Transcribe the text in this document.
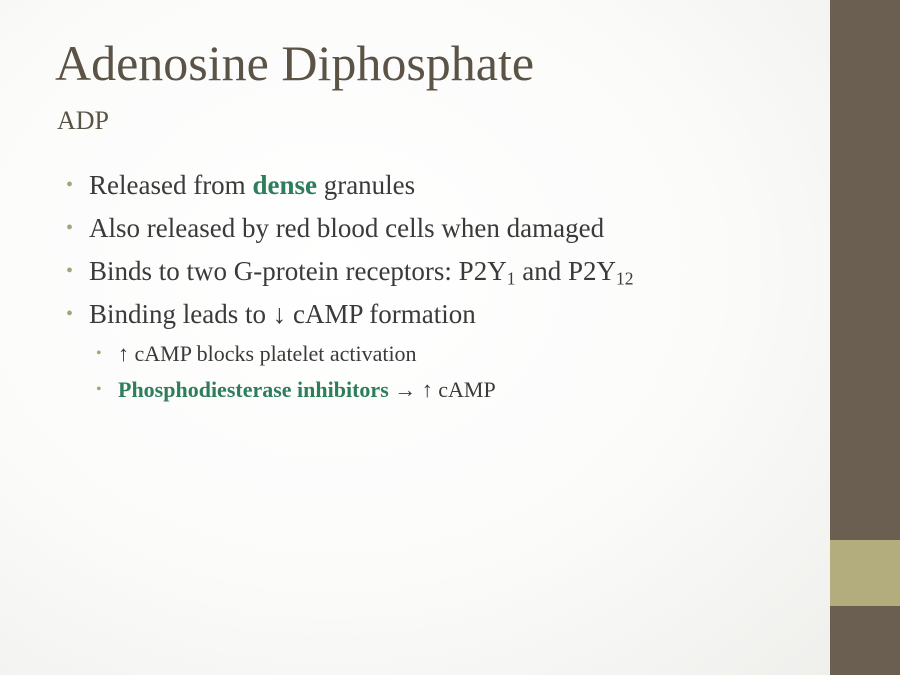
Adenosine Diphosphate
ADP
• Released from dense granules
• Also released by red blood cells when damaged
• Binds to two G-protein receptors: $P2Y_1$ and $P2Y_{12}$
• Binding leads to ↓ cAMP formation
• ↑ cAMP blocks platelet activation
• Phosphodiesterase inhibitors → ↑ cAMP
